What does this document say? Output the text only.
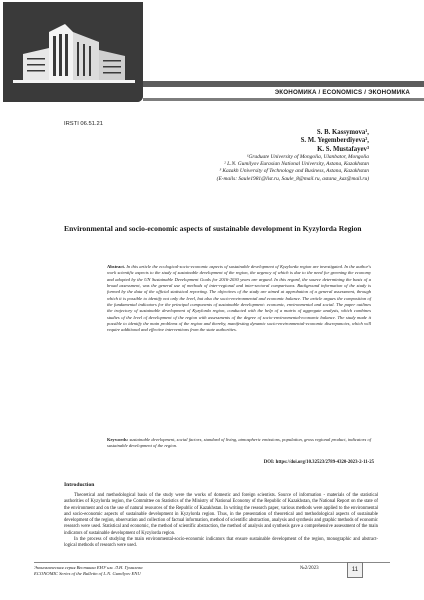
ЭКОНОМИКА / ECONOMICS / ЭКОНОМИКА
IRSTI 06.51.21
S. B. Kassymova¹,
S. M. Yegemberdiyeva²,
K. S. Mustafayev³
¹Graduate University of Mongolia, Ulanbator, Mongolia
² L.N. Gumilyov Eurasian National University, Astana, Kazakhstan
³ Kazakh University of Technology and Business, Astana, Kazakhstan
(E-mails: Saule1981@list.ru, Saule_8@mail.ru, astana_kaz@mail.ru)
Environmental and socio-economic aspects of sustainable development in Kyzylorda Region
Abstract. In this article the ecological-socio-economic aspects of sustainable development of Kyzylorda region are investigated. In the author's work scientific aspects to the study of sustainable development of the region, the urgency of which is due to the need for greening the economy and adopted by the UN Sustainable Development Goals for 2016-2030 years are argued. In this regard, the source determining the basis of a broad assessment, was the general use of methods of inter-regional and inter-sectoral comparisons. Background information of the study is formed by the data of the official statistical reporting. The objectives of the study are aimed at approbation of a general assessment, through which it is possible to identify not only the level, but also the socio-environmental and economic balance. The article argues the composition of the fundamental indicators for the principal components of sustainable development: economic, environmental and social. The paper outlines the trajectory of sustainable development of Kyzylorda region, conducted with the help of a matrix of aggregate analysis, which combines studies of the level of development of the region with assessments of the degree of socio-environmental-economic balance. The study made it possible to identify the main problems of the region and thereby, manifesting dynamic socio-environmental-economic discrepancies, which will require additional and effective interventions from the state authorities.
Keywords: sustainable development, social factors, standard of living, atmospheric emissions, population, gross regional product, indicators of sustainable development of the region.
DOI: https://doi.org/10.32523/2789-4320-2023-2-11-25
Introduction

Theoretical and methodological basis of the study were the works of domestic and foreign scientists. Source of information - materials of the statistical authorities of Kyzylorda region, the Committee on Statistics of the Ministry of National Economy of the Republic of Kazakhstan, the National Report on the state of the environment and on the use of natural resources of the Republic of Kazakhstan. In writing the research paper, various methods were applied to the environmental and socio-economic aspects of sustainable development in Kyzylorda region. Thus, in the presentation of theoretical and methodological aspects of sustainable development of the region, observation and collection of factual information, method of scientific abstraction, analysis and synthesis and graphic methods of economic research were used. Statistical and economic, the method of scientific abstraction, the method of analysis and synthesis gave a comprehensive assessment of the main indicators of sustainable development of Kyzylorda region.

In the process of studying the main environmental-socio-economic indicators that ensure sustainable development of the region, monographic and abstract-logical methods of research were used.

Экономическая серия Вестника ЕНУ им. Л.Н. Гумилева
ECONOMIC Series of the Bulletin of L.N. Gumilyov ENU
№2/2023	11
